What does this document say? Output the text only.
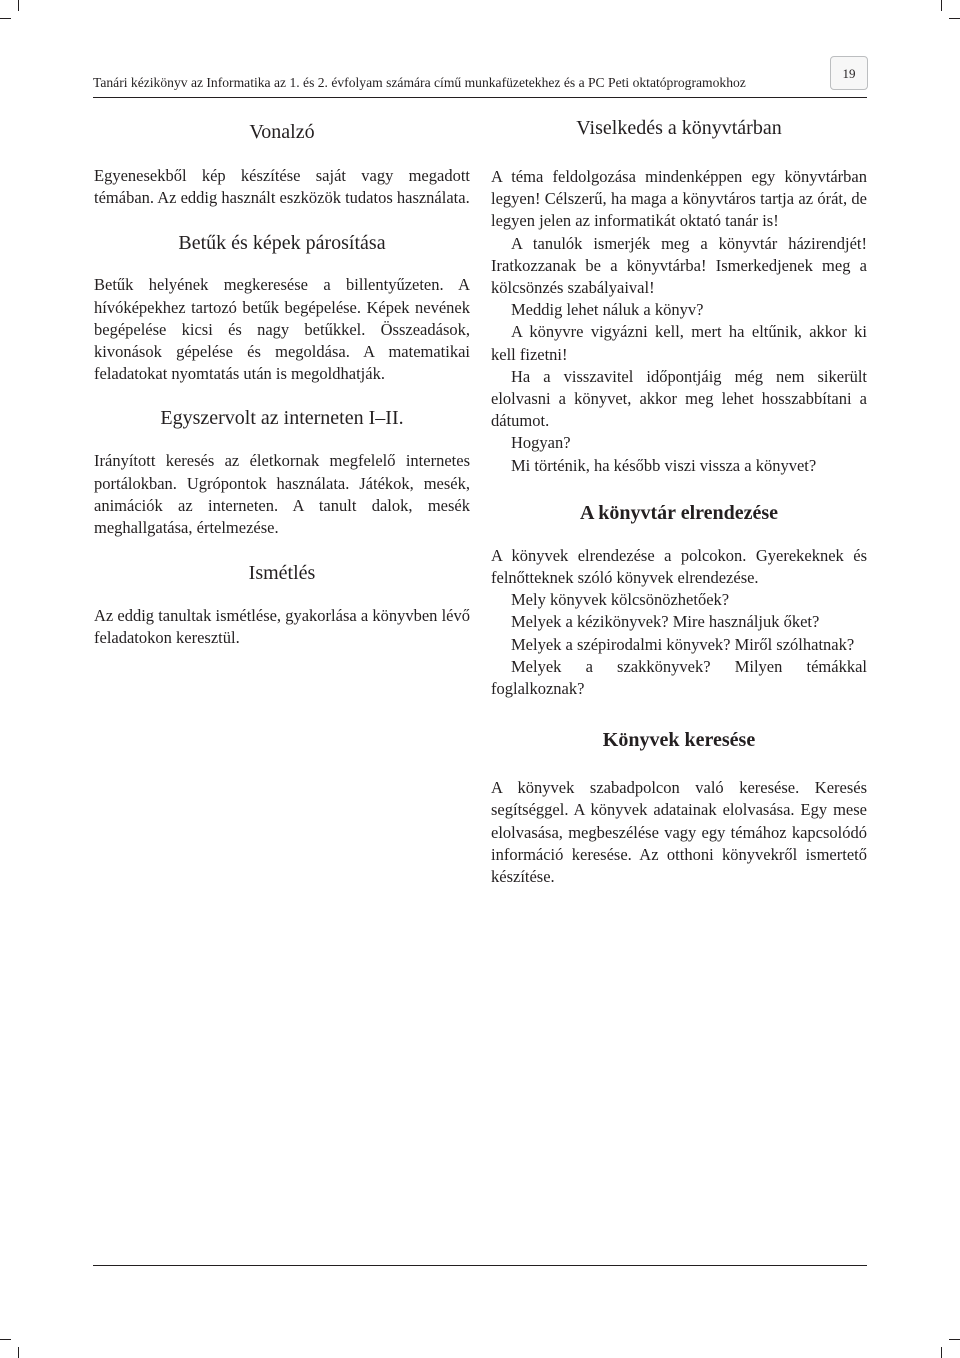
Tanári kézikönyv az Informatika az 1. és 2. évfolyam számára című munkafüzetekhez és a PC Peti oktatóprogramokhoz
19
Vonalzó

Egyenesekből kép készítése saját vagy megadott témában. Az eddig használt eszközök tudatos használata.

Betűk és képek párosítása

Betűk helyének megkeresése a billentyűzeten. A hívóképekhez tartozó betűk begépelése. Képek nevének begépelése kicsi és nagy betűkkel. Összeadások, kivonások gépelése és megoldása. A matematikai feladatokat nyomtatás után is megoldhatják.

Egyszervolt az interneten I–II.

Irányított keresés az életkornak megfelelő internetes portálokban. Ugrópontok használata. Játékok, mesék, animációk az interneten. A tanult dalok, mesék meghallgatása, értelmezése.

Ismétlés

Az eddig tanultak ismétlése, gyakorlása a könyvben lévő feladatokon keresztül.

Viselkedés a könyvtárban

A téma feldolgozása mindenképpen egy könyvtárban legyen! Célszerű, ha maga a könyvtáros tartja az órát, de legyen jelen az informatikát oktató tanár is!

A tanulók ismerjék meg a könyvtár házirendjét! Iratkozzanak be a könyvtárba! Ismerkedjenek meg a kölcsönzés szabályaival!

Meddig lehet náluk a könyv?

A könyvre vigyázni kell, mert ha eltűnik, akkor ki kell fizetni!

Ha a visszavitel időpontjáig még nem sikerült elolvasni a könyvet, akkor meg lehet hosszabbítani a dátumot.

Hogyan?

Mi történik, ha később viszi vissza a könyvet?

A könyvtár elrendezése

A könyvek elrendezése a polcokon. Gyerekeknek és felnőtteknek szóló könyvek elrendezése.

Mely könyvek kölcsönözhetőek?

Melyek a kézikönyvek? Mire használjuk őket?

Melyek a szépirodalmi könyvek? Miről szólhatnak?

Melyek a szakkönyvek? Milyen témákkal foglalkoznak?

Könyvek keresése

A könyvek szabadpolcon való keresése. Keresés segítséggel. A könyvek adatainak elolvasása. Egy mese elolvasása, megbeszélése vagy egy témához kapcsolódó információ keresése. Az otthoni könyvekről ismertető készítése.
